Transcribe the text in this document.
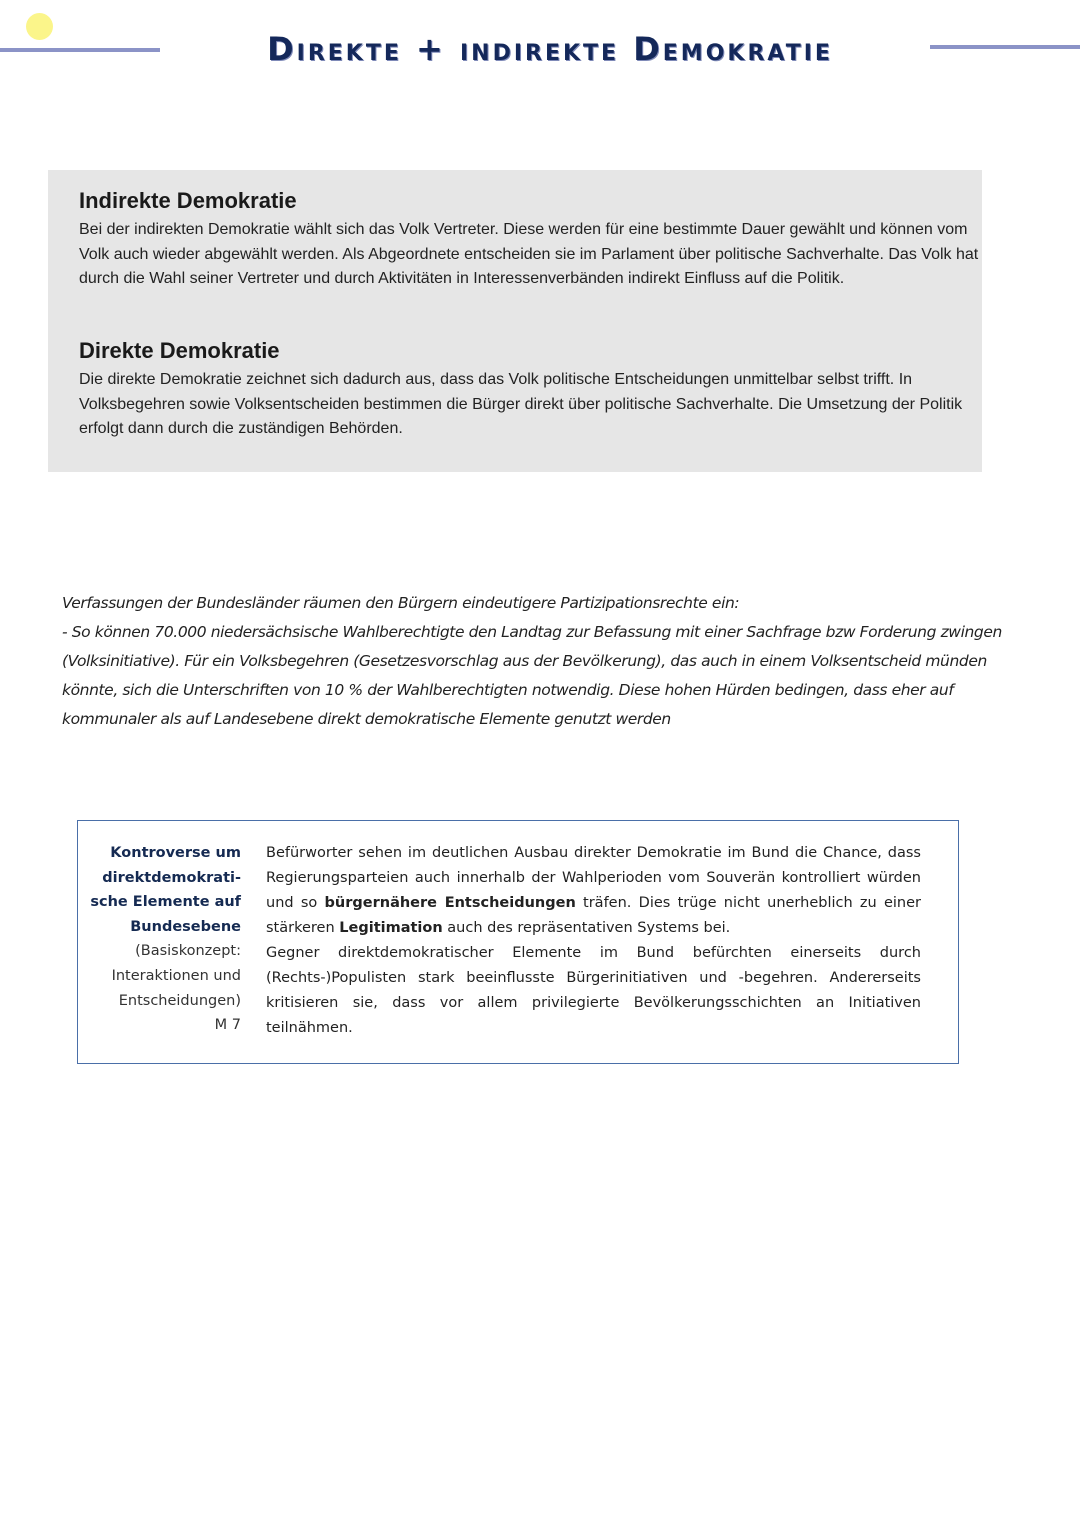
Direkte + indirekte Demokratie
Indirekte Demokratie

Bei der indirekten Demokratie wählt sich das Volk Vertreter. Diese werden für eine bestimmte Dauer gewählt und können vom Volk auch wieder abgewählt werden. Als Abgeordnete entscheiden sie im Parlament über politische Sachverhalte. Das Volk hat durch die Wahl seiner Vertreter und durch Aktivitäten in Interessenverbänden indirekt Einfluss auf die Politik.

Direkte Demokratie

Die direkte Demokratie zeichnet sich dadurch aus, dass das Volk politische Entscheidungen unmittelbar selbst trifft. In Volksbegehren sowie Volksentscheiden bestimmen die Bürger direkt über politische Sachverhalte. Die Umsetzung der Politik erfolgt dann durch die zuständigen Behörden.

Verfassungen der Bundesländer räumen den Bürgern eindeutigere Partizipationsrechte ein:

- So können 70.000 niedersächsische Wahlberechtigte den Landtag zur Befassung mit einer Sachfrage bzw Forderung zwingen (Volksinitiative). Für ein Volksbegehren (Gesetzesvorschlag aus der Bevölkerung), das auch in einem Volksentscheid münden könnte, sich die Unterschriften von 10 % der Wahlberechtigten notwendig. Diese hohen Hürden bedingen, dass eher auf kommunaler als auf Landesebene direkt demokratische Elemente genutzt werden

Kontroverse um
direktdemokrati-
sche Elemente auf
Bundesebene
(Basiskonzept:
Interaktionen und
Entscheidungen)
M 7

Befürworter sehen im deutlichen Ausbau direkter Demokratie im Bund die Chance, dass Regierungsparteien auch innerhalb der Wahlperioden vom Souverän kontrolliert würden und so bürgernähere Entscheidungen träfen. Dies trüge nicht unerheblich zu einer stärkeren Legitimation auch des repräsentativen Systems bei.

Gegner direktdemokratischer Elemente im Bund befürchten einerseits durch (Rechts-)Populisten stark beeinflusste Bürgerinitiativen und -begehren. Andererseits kritisieren sie, dass vor allem privilegierte Bevölkerungsschichten an Initiativen teilnähmen.
